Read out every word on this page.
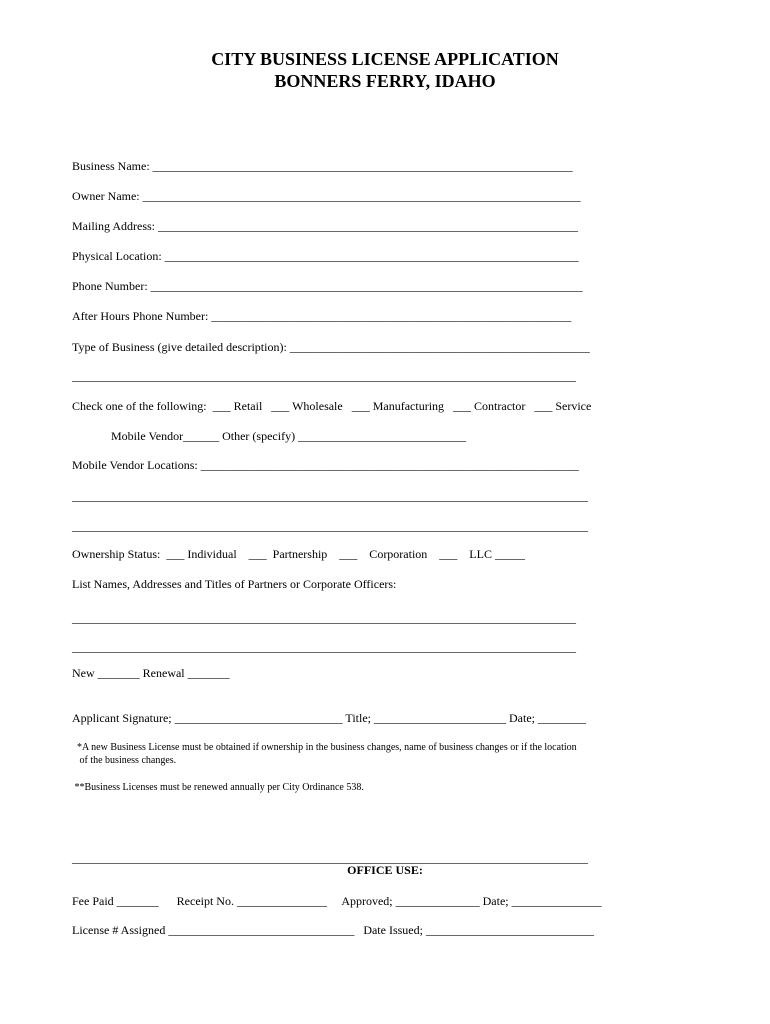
CITY BUSINESS LICENSE APPLICATION
BONNERS FERRY, IDAHO
Business Name: ______________________________________________________________________
Owner Name: _________________________________________________________________________
Mailing Address: ______________________________________________________________________
Physical Location: _____________________________________________________________________
Phone Number: ________________________________________________________________________
After Hours Phone Number: ____________________________________________________________
Type of Business (give detailed description): __________________________________________________
____________________________________________________________________________________
Check one of the following:  ___ Retail   ___ Wholesale   ___ Manufacturing   ___ Contractor   ___ Service
Mobile Vendor______ Other (specify) ____________________________
Mobile Vendor Locations: _______________________________________________________________
______________________________________________________________________________________
______________________________________________________________________________________
Ownership Status:  ___ Individual    ___  Partnership    ___    Corporation    ___    LLC _____
List Names, Addresses and Titles of Partners or Corporate Officers:
____________________________________________________________________________________
____________________________________________________________________________________
New _______ Renewal _______
Applicant Signature; ____________________________ Title; ______________________ Date; ________
*A new Business License must be obtained if ownership in the business changes, name of business changes or if the location
of the business changes.
**Business Licenses must be renewed annually per City Ordinance 538.
______________________________________________________________________________________
OFFICE USE:
Fee Paid _______      Receipt No. _______________     Approved; ______________ Date; _______________
License # Assigned _______________________________   Date Issued; ____________________________
